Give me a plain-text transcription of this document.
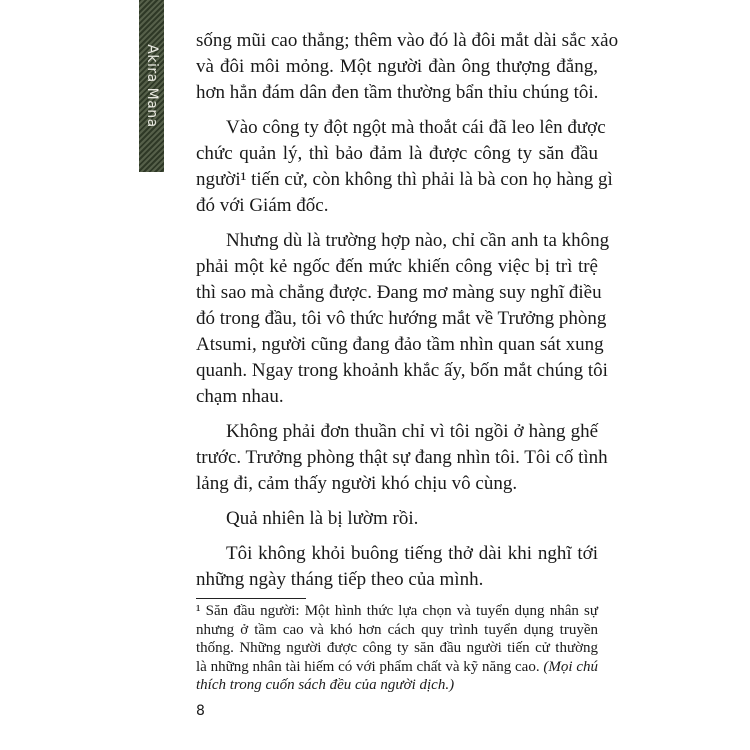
Akira Mana
sống mũi cao thẳng; thêm vào đó là đôi mắt dài sắc xảo
và đôi môi mỏng. Một người đàn ông thượng đẳng,
hơn hẳn đám dân đen tầm thường bẩn thỉu chúng tôi.
Vào công ty đột ngột mà thoắt cái đã leo lên được
chức quản lý, thì bảo đảm là được công ty săn đầu
người¹ tiến cử, còn không thì phải là bà con họ hàng gì
đó với Giám đốc.
Nhưng dù là trường hợp nào, chỉ cần anh ta không
phải một kẻ ngốc đến mức khiến công việc bị trì trệ
thì sao mà chẳng được. Đang mơ màng suy nghĩ điều
đó trong đầu, tôi vô thức hướng mắt về Trưởng phòng
Atsumi, người cũng đang đảo tầm nhìn quan sát xung
quanh. Ngay trong khoảnh khắc ấy, bốn mắt chúng tôi
chạm nhau.
Không phải đơn thuần chỉ vì tôi ngồi ở hàng ghế
trước. Trưởng phòng thật sự đang nhìn tôi. Tôi cố tình
lảng đi, cảm thấy người khó chịu vô cùng.
Quả nhiên là bị lườm rồi.
Tôi không khỏi buông tiếng thở dài khi nghĩ tới
những ngày tháng tiếp theo của mình.
¹ Săn đầu người: Một hình thức lựa chọn và tuyển dụng nhân sự
nhưng ở tầm cao và khó hơn cách quy trình tuyển dụng truyền
thống. Những người được công ty săn đầu người tiến cử thường
là những nhân tài hiếm có với phẩm chất và kỹ năng cao. (Mọi chú
thích trong cuốn sách đều của người dịch.)
8
